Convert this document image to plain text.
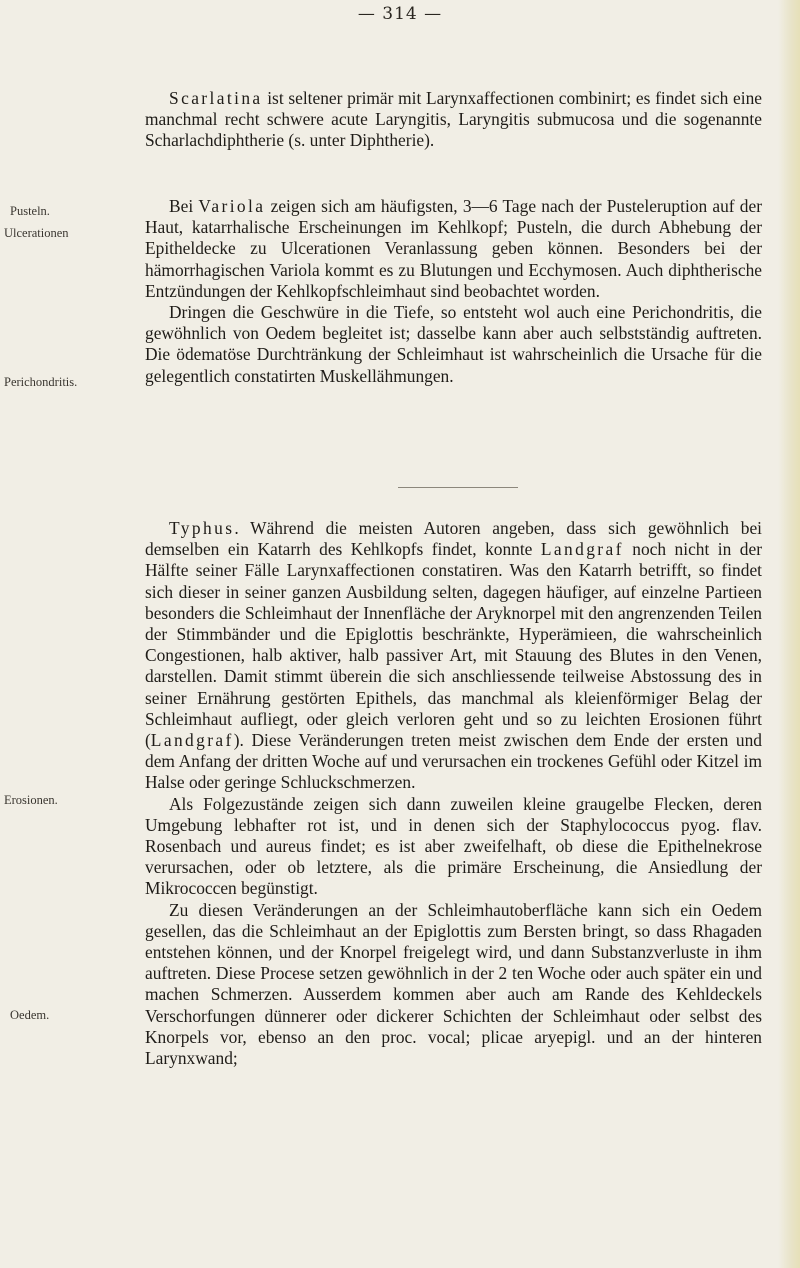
— 314 —

Scarlatina ist seltener primär mit Larynxaffectionen combinirt; es findet sich eine manchmal recht schwere acute Laryngitis, Laryngitis submucosa und die sogenannte Scharlachdiphtherie (s. unter Diphtherie).

Bei Variola zeigen sich am häufigsten, 3—6 Tage nach der Pusteleruption auf der Haut, katarrhalische Erscheinungen im Kehlkopf; Pusteln, die durch Abhebung der Epitheldecke zu Ulcerationen Veranlassung geben können. Besonders bei der hämorrhagischen Variola kommt es zu Blutungen und Ecchymosen. Auch diphtherische Entzündungen der Kehlkopfschleimhaut sind beobachtet worden.

Dringen die Geschwüre in die Tiefe, so entsteht wol auch eine Perichondritis, die gewöhnlich von Oedem begleitet ist; dasselbe kann aber auch selbstständig auftreten. Die ödematöse Durchtränkung der Schleimhaut ist wahrscheinlich die Ursache für die gelegentlich constatirten Muskellähmungen.

Typhus. Während die meisten Autoren angeben, dass sich gewöhnlich bei demselben ein Katarrh des Kehlkopfs findet, konnte Landgraf noch nicht in der Hälfte seiner Fälle Larynxaffectionen constatiren. Was den Katarrh betrifft, so findet sich dieser in seiner ganzen Ausbildung selten, dagegen häufiger, auf einzelne Partieen besonders die Schleimhaut der Innenfläche der Aryknorpel mit den angrenzenden Teilen der Stimmbänder und die Epiglottis beschränkte, Hyperämieen, die wahrscheinlich Congestionen, halb aktiver, halb passiver Art, mit Stauung des Blutes in den Venen, darstellen. Damit stimmt überein die sich anschliessende teilweise Abstossung des in seiner Ernährung gestörten Epithels, das manchmal als kleienförmiger Belag der Schleimhaut aufliegt, oder gleich verloren geht und so zu leichten Erosionen führt (Landgraf). Diese Veränderungen treten meist zwischen dem Ende der ersten und dem Anfang der dritten Woche auf und verursachen ein trockenes Gefühl oder Kitzel im Halse oder geringe Schluckschmerzen.

Als Folgezustände zeigen sich dann zuweilen kleine graugelbe Flecken, deren Umgebung lebhafter rot ist, und in denen sich der Staphylococcus pyog. flav. Rosenbach und aureus findet; es ist aber zweifelhaft, ob diese die Epithelnekrose verursachen, oder ob letztere, als die primäre Erscheinung, die Ansiedlung der Mikrococcen begünstigt.

Zu diesen Veränderungen an der Schleimhautoberfläche kann sich ein Oedem gesellen, das die Schleimhaut an der Epiglottis zum Bersten bringt, so dass Rhagaden entstehen können, und der Knorpel freigelegt wird, und dann Substanzverluste in ihm auftreten. Diese Procese setzen gewöhnlich in der 2 ten Woche oder auch später ein und machen Schmerzen. Ausserdem kommen aber auch am Rande des Kehldeckels Verschorfungen dünnerer oder dickerer Schichten der Schleimhaut oder selbst des Knorpels vor, ebenso an den proc. vocal; plicae aryepigl. und an der hinteren Larynxwand;

Pusteln.
Ulcerationen
Perichondritis.
Erosionen.
Oedem.
